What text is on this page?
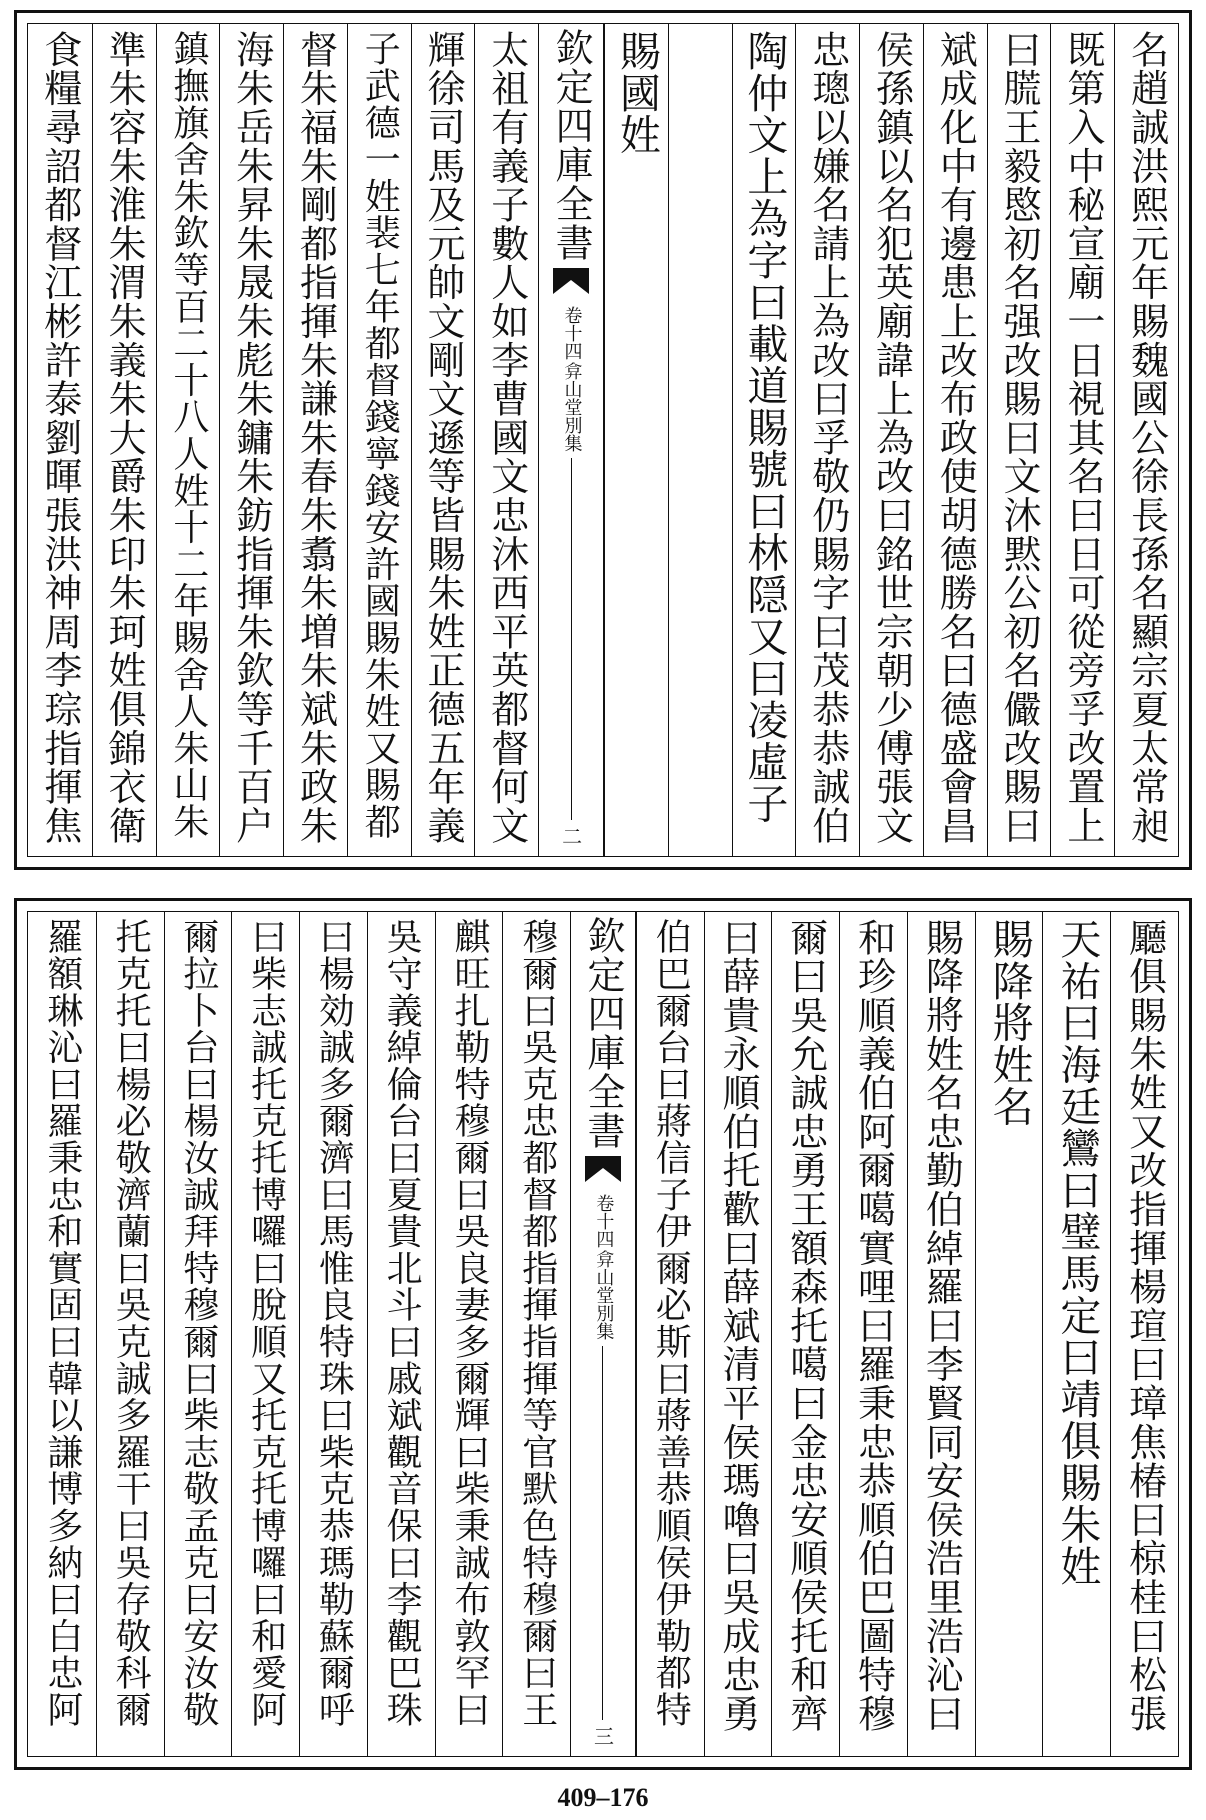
名趙誠洪熙元年賜魏國公徐長孫名顯宗夏太常昶
既第入中秘宣廟一日視其名曰日可從旁孚改置上
曰㬻王毅愍初名强改賜曰文沐黙公初名儼改賜曰
斌成化中有邊患上改布政使胡德勝名曰德盛會昌
侯孫鎮以名犯英廟諱上為改曰銘世宗朝少傅張文
忠璁以嫌名請上為改曰孚敬仍賜字曰茂恭恭誠伯
陶仲文上為字曰載道賜號曰林隠又曰凌虛子
賜國姓
欽定四庫全書
弇山堂別集
卷十四
二
太祖有義子數人如李曹國文忠沐西平英都督何文
輝徐司馬及元帥文剛文遜等皆賜朱姓正德五年義
子武德一姓裴七年都督錢寧錢安許國賜朱姓又賜都
督朱福朱剛都指揮朱謙朱春朱翥朱増朱斌朱政朱
海朱岳朱昇朱晟朱彪朱鏞朱鈁指揮朱欽等千百户
鎮撫旗舍朱欽等百二十八人姓十二年賜舍人朱山朱
準朱容朱淮朱渭朱義朱大爵朱印朱珂姓俱錦衣衛
食糧尋詔都督江彬許泰劉暉張洪神周李琮指揮焦
㕔俱賜朱姓又改指揮楊瑄曰璋焦椿曰椋桂曰松張
天祐曰海廷鸞曰璧馬定曰靖俱賜朱姓
賜降將姓名
賜降將姓名忠勤伯綽羅曰李賢同安侯浩里浩沁曰
和珍順義伯阿爾噶實哩曰羅秉忠恭順伯巴圖特穆
爾曰吳允誠忠勇王額森托噶曰金忠安順侯托和齊
曰薛貴永順伯托歡曰薛斌清平侯瑪嚕曰吳成忠勇
伯巴爾台曰蔣信子伊爾必斯曰蔣善恭順侯伊勒都特
欽定四庫全書
弇山堂別集
卷十四
三
穆爾曰吳克忠都督都指揮指揮等官默色特穆爾曰王
麒旺扎勒特穆爾曰吳良妻多爾輝曰柴秉誠布敦罕曰
吳守義綽倫台曰夏貴北斗曰戚斌觀音保曰李觀巴珠
曰楊効誠多爾濟曰馬惟良特珠曰柴克恭瑪勒蘇爾呼
曰柴志誠托克托博囉曰脫順又托克托博囉曰和愛阿
爾拉卜台曰楊汝誠拜特穆爾曰柴志敬孟克曰安汝敬
托克托曰楊必敬濟蘭曰吳克誠多羅干曰吳存敬科爾
羅額琳沁曰羅秉忠和實固曰韓以謙博多納曰白忠阿
409–176
